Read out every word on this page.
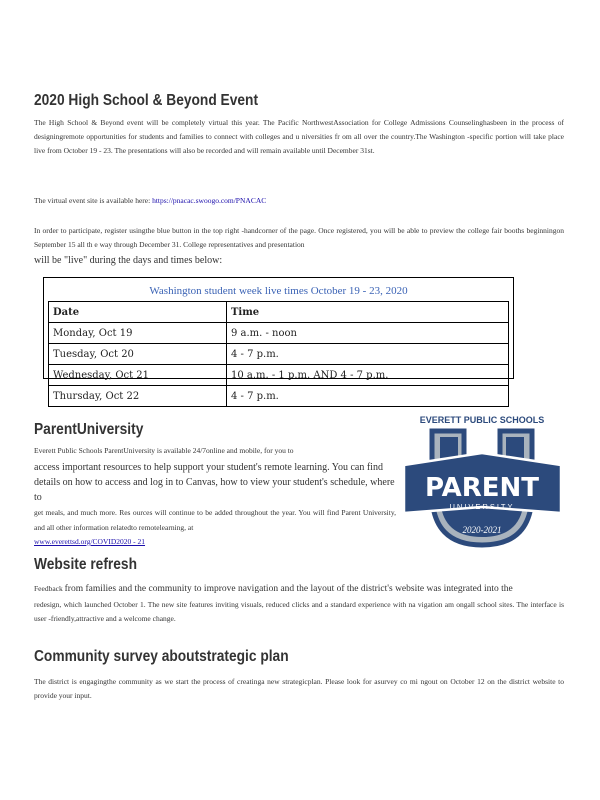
2020 High School & Beyond Event

The High School & Beyond event will be completely virtual this year. The Pacific NorthwestAssociation for College Admissions Counselinghasbeen in the process of designingremote opportunities for students and families to connect with colleges and u niversities fr om all over the country.The Washington -specific portion will take place live from October 19 - 23. The presentations will also be recorded and will remain available until December 31st.

The virtual event site is available here: https://pnacac.swoogo.com/PNACAC

In order to participate, register usingthe blue button in the top right -handcorner of the page. Once registered, you will be able to preview the college fair booths beginningon September 15 all th e way through December 31. College representatives and presentation

will be "live" during the days and times below:

Washington student week live times October 19 - 23, 2020
Date	Time
Monday, Oct 19	9 a.m. - noon
Tuesday, Oct 20	4 - 7 p.m.
Wednesday, Oct 21	10 a.m. - 1 p.m. AND 4 - 7 p.m.
Thursday, Oct 22	4 - 7 p.m.
ParentUniversity

Everett Public Schools ParentUniversity is available 24/7online and mobile, for you to

access important resources to help support your student's remote learning. You can find

details on how to access and log in to Canvas, how to view your student's schedule, where to

get meals, and much more. Res ources will continue to be added throughout the year. You will find Parent University, and all other information relatedto remotelearning, at

www.everettsd.org/COVID2020 - 21

EVERETT PUBLIC SCHOOLS
PARENT
UNIVERSITY
2020-2021
Website refresh

Feedback from families and the community to improve navigation and the layout of the district's website was integrated into the

redesign, which launched October 1. The new site features inviting visuals, reduced clicks and a standard experience with na vigation am ongall school sites. The interface is user -friendly,attractive and a welcome change.

Community survey aboutstrategic plan

The district is engagingthe community as we start the process of creatinga new strategicplan. Please look for asurvey co mi ngout on October 12 on the district website to provide your input.
